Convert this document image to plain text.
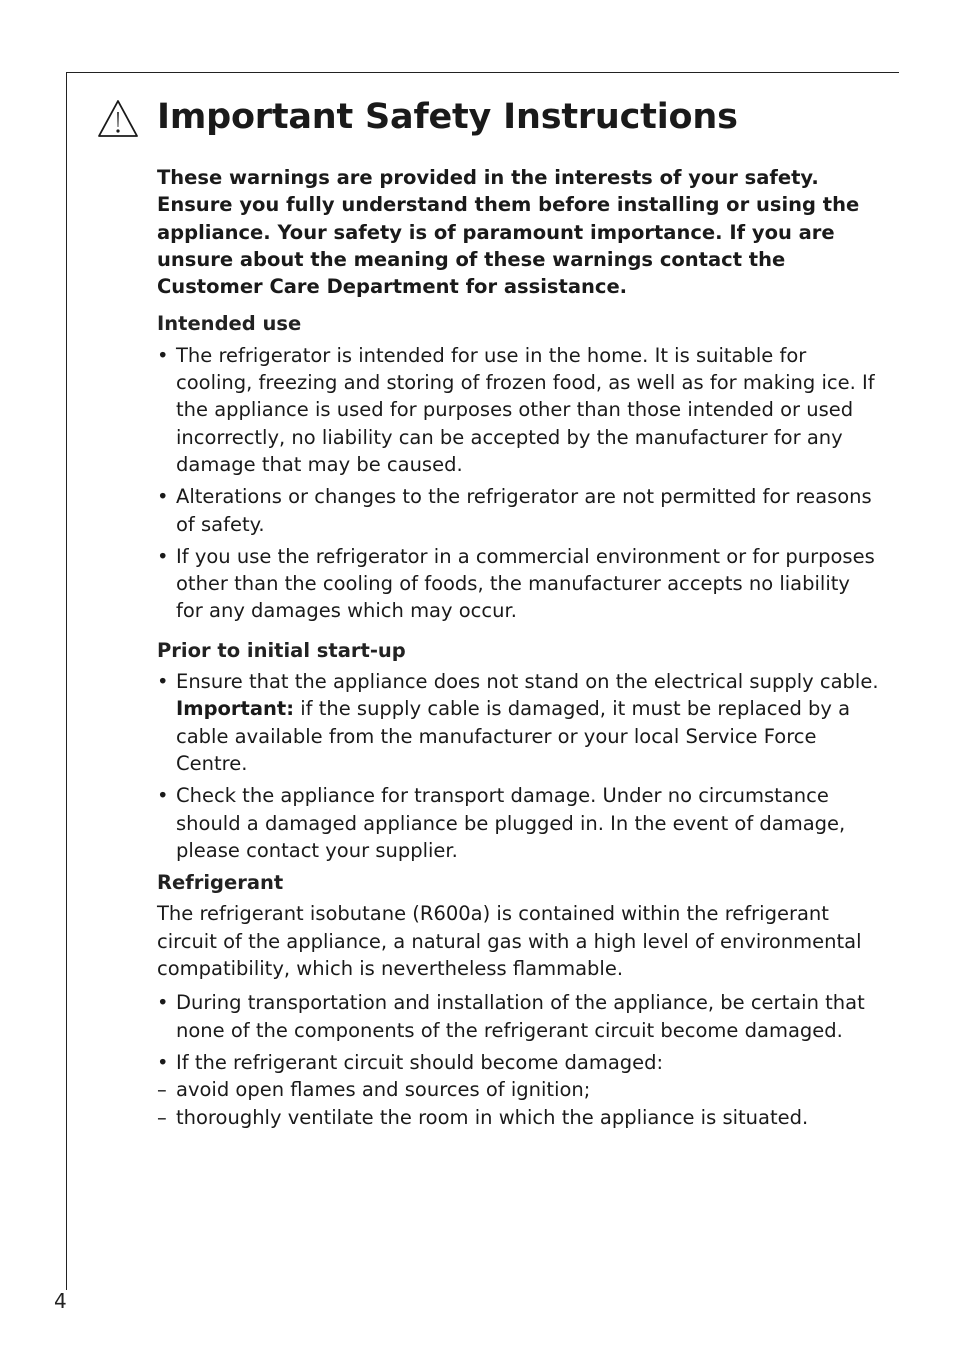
Important Safety Instructions

These warnings are provided in the interests of your safety. Ensure you fully understand them before installing or using the appliance. Your safety is of paramount importance. If you are unsure about the meaning of these warnings contact the Customer Care Department for assistance.

Intended use

• The refrigerator is intended for use in the home. It is suitable for cooling, freezing and storing of frozen food, as well as for making ice. If the appliance is used for purposes other than those intended or used incorrectly, no liability can be accepted by the manufacturer for any damage that may be caused.
• Alterations or changes to the refrigerator are not permitted for reasons of safety.
• If you use the refrigerator in a commercial environment or for purposes other than the cooling of foods, the manufacturer accepts no liability for any damages which may occur.

Prior to initial start-up

• Ensure that the appliance does not stand on the electrical supply cable. Important: if the supply cable is damaged, it must be replaced by a cable available from the manufacturer or your local Service Force Centre.
• Check the appliance for transport damage. Under no circumstance should a damaged appliance be plugged in. In the event of damage, please contact your supplier.

Refrigerant

The refrigerant isobutane (R600a) is contained within the refrigerant circuit of the appliance, a natural gas with a high level of environmental compatibility, which is nevertheless flammable.

• During transportation and installation of the appliance, be certain that none of the components of the refrigerant circuit become damaged.
• If the refrigerant circuit should become damaged:

– avoid open flames and sources of ignition;

– thoroughly ventilate the room in which the appliance is situated.

4
